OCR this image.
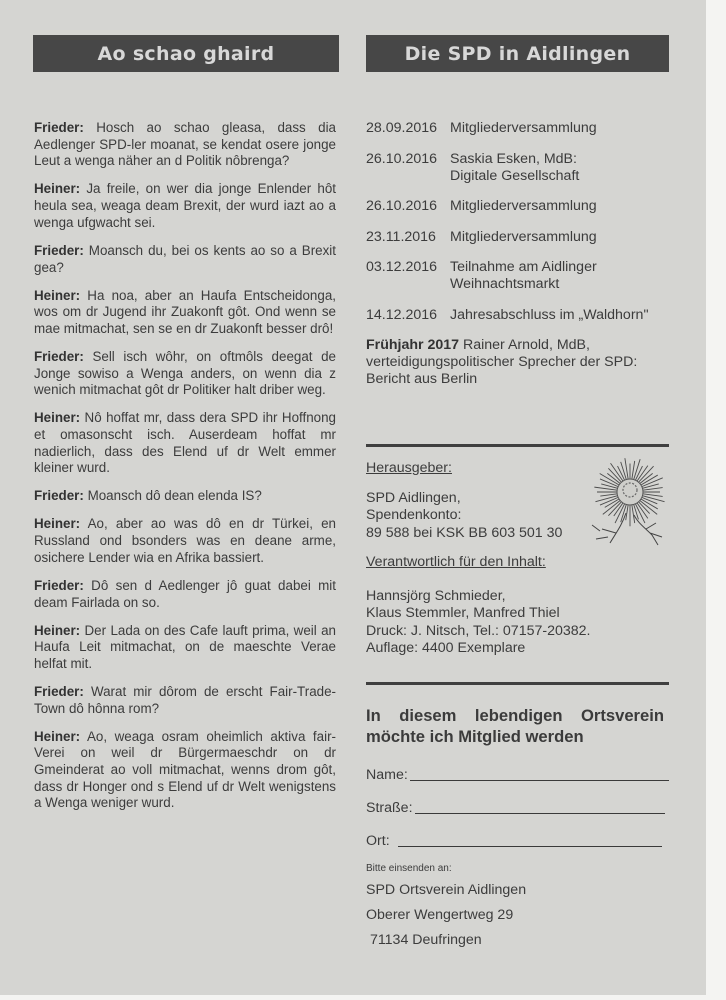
Ao schao ghaird	Die SPD in Aidlingen

Frieder: Hosch ao schao gleasa, dass dia Aedlenger SPD-ler moanat, se kendat osere jonge Leut a wenga näher an d Politik nôbrenga?

Heiner: Ja freile, on wer dia jonge Enlender hôt heula sea, weaga deam Brexit, der wurd iazt ao a wenga ufgwacht sei.

Frieder: Moansch du, bei os kents ao so a Brexit gea?

Heiner: Ha noa, aber an Haufa Entscheidonga, wos om dr Jugend ihr Zuakonft gôt. Ond wenn se mae mitmachat, sen se en dr Zuakonft besser drô!

Frieder: Sell isch wôhr, on oftmôls deegat de Jonge sowiso a Wenga anders, on wenn dia z wenich mitmachat gôt dr Politiker halt driber weg.

Heiner: Nô hoffat mr, dass dera SPD ihr Hoffnong et omasonscht isch. Auserdeam hoffat mr nadierlich, dass des Elend uf dr Welt emmer kleiner wurd.

Frieder: Moansch dô dean elenda IS?

Heiner: Ao, aber ao was dô en dr Türkei, en Russland ond bsonders was en deane arme, osichere Lender wia en Afrika bassiert.

Frieder: Dô sen d Aedlenger jô guat dabei mit deam Fairlada on so.

Heiner: Der Lada on des Cafe lauft prima, weil an Haufa Leit mitmachat, on de maeschte Verae helfat mit.

Frieder: Warat mir dôrom de erscht Fair-Trade-Town dô hônna rom?

Heiner: Ao, weaga osram oheimlich aktiva fair-Verei on weil dr Bürgermaeschdr on dr Gmeinderat ao voll mitmachat, wenns drom gôt, dass dr Honger ond s Elend uf dr Welt wenigstens a Wenga weniger wurd.

28.09.2016 Mitgliederversammlung
26.10.2016 Saskia Esken, MdB:
Digitale Gesellschaft
26.10.2016 Mitgliederversammlung
23.11.2016 Mitgliederversammlung
03.12.2016 Teilnahme am Aidlinger
Weihnachtsmarkt
14.12.2016 Jahresabschluss im „Waldhorn"
Frühjahr 2017 Rainer Arnold, MdB, verteidigungspolitischer Sprecher der SPD: Bericht aus Berlin
Herausgeber:
SPD Aidlingen,
Spendenkonto:
89 588 bei KSK BB 603 501 30
Verantwortlich für den Inhalt:
Hannsjörg Schmieder,
Klaus Stemmler, Manfred Thiel
Druck: J. Nitsch, Tel.: 07157-20382.
Auflage: 4400 Exemplare
In diesem lebendigen Ortsverein möchte ich Mitglied werden
Name:
Straße:
Ort:
Bitte einsenden an:
SPD Ortsverein Aidlingen
Oberer Wengertweg 29
71134 Deufringen
